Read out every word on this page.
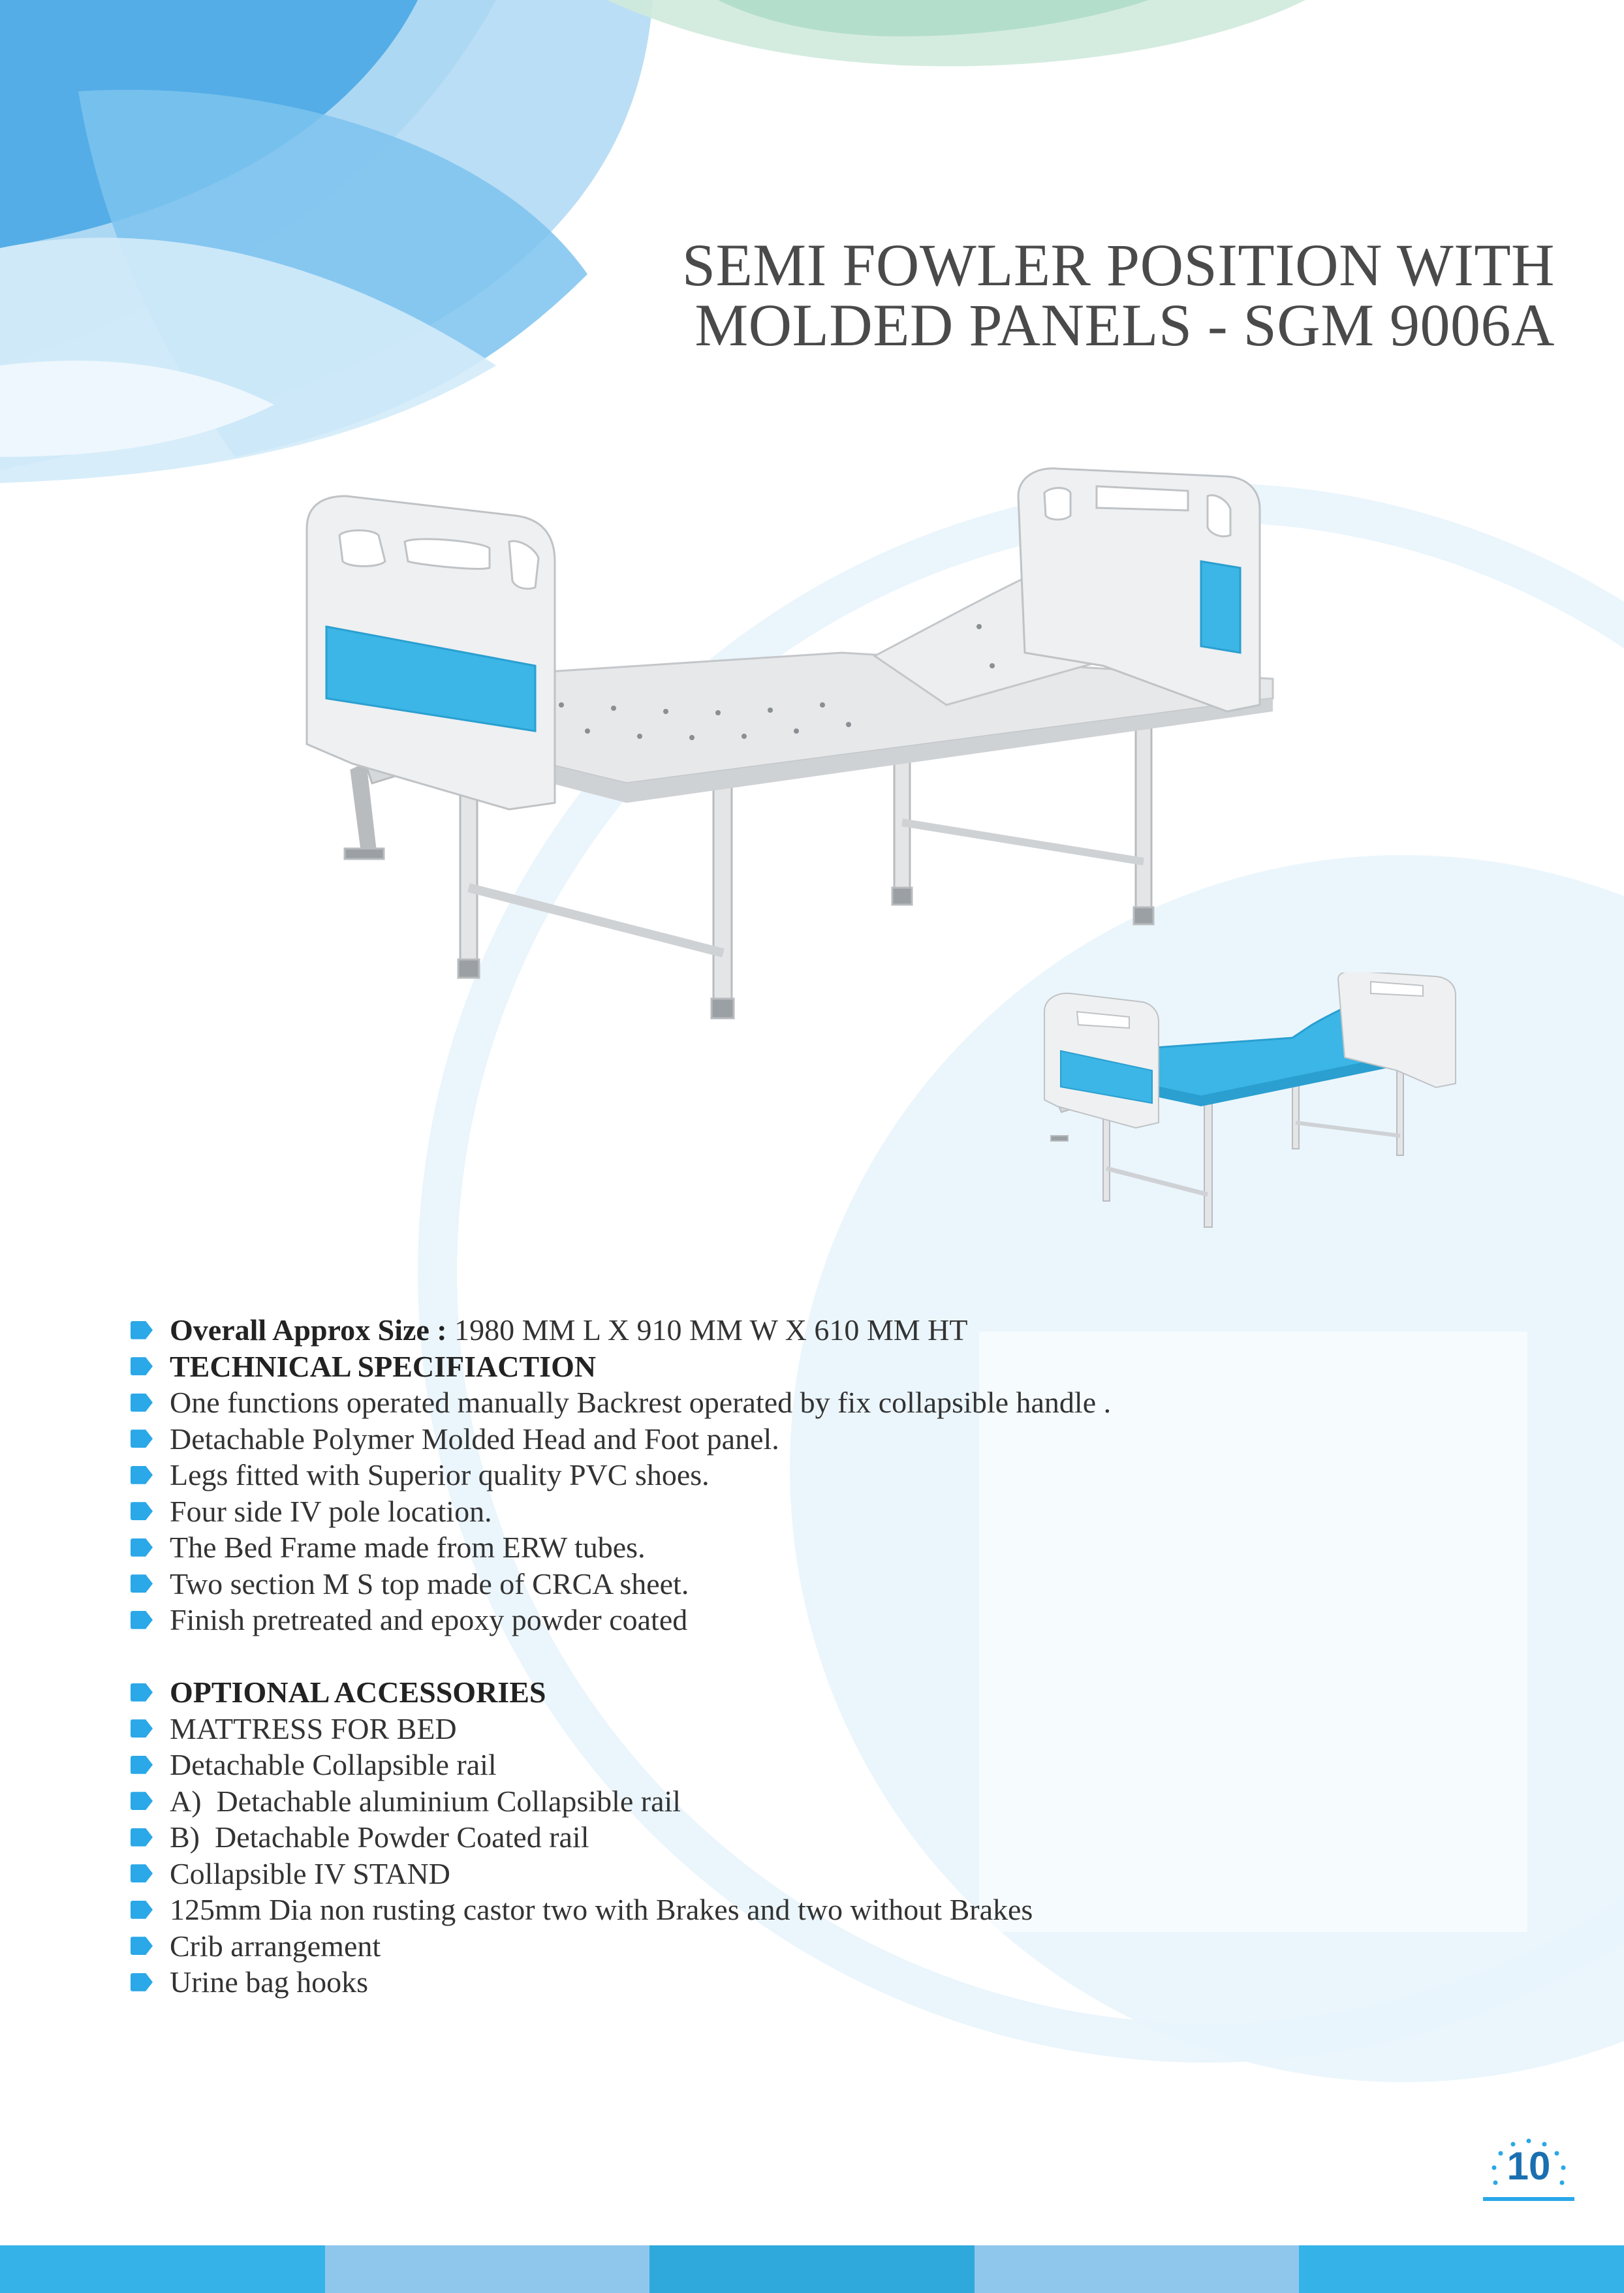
SEMI FOWLER POSITION WITH
MOLDED PANELS - SGM 9006A
Overall Approx Size : 1980 MM L X 910 MM W X 610 MM HT
TECHNICAL SPECIFIACTION
One functions operated manually Backrest operated by fix collapsible handle .
Detachable Polymer Molded Head and Foot panel.
Legs fitted with Superior quality PVC shoes.
Four side IV pole location.
The Bed Frame made from ERW tubes.
Two section M S top made of CRCA sheet.
Finish pretreated and epoxy powder coated
OPTIONAL ACCESSORIES
MATTRESS FOR BED
Detachable Collapsible rail
A)  Detachable aluminium Collapsible rail
B)  Detachable Powder Coated rail
Collapsible IV STAND
125mm Dia non rusting castor two with Brakes and two without Brakes
Crib arrangement
Urine bag hooks
10
